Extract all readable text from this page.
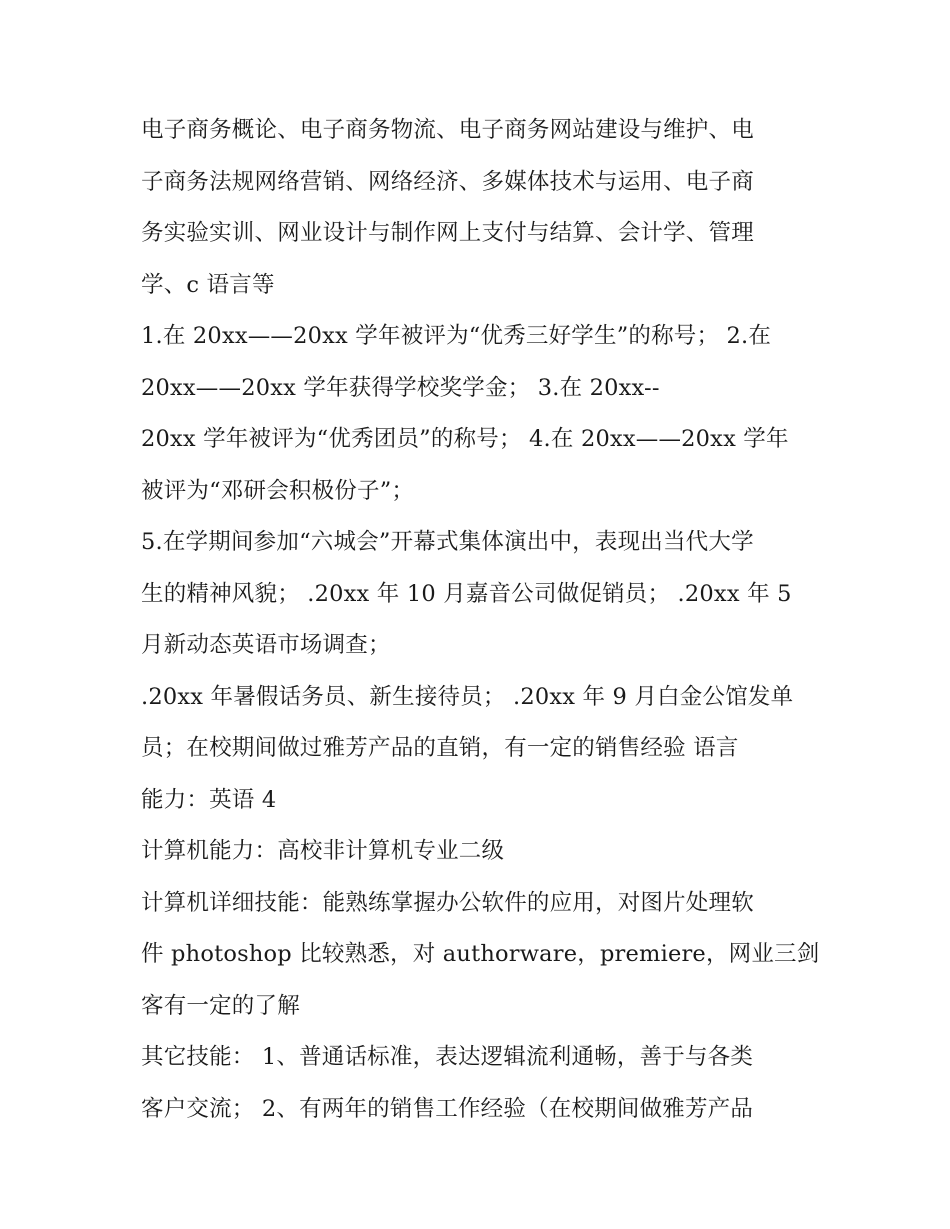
电子商务概论、电子商务物流、电子商务网站建设与维护、电
子商务法规网络营销、网络经济、多媒体技术与运用、电子商
务实验实训、网业设计与制作网上支付与结算、会计学、管理
学、c 语言等
1.在 20xx——20xx 学年被评为“优秀三好学生”的称号； 2.在
20xx——20xx 学年获得学校奖学金； 3.在 20xx--
20xx 学年被评为“优秀团员”的称号； 4.在 20xx——20xx 学年
被评为“邓研会积极份子”；
5.在学期间参加“六城会”开幕式集体演出中，表现出当代大学
生的精神风貌； .20xx 年 10 月嘉音公司做促销员； .20xx 年 5
月新动态英语市场调查；
.20xx 年暑假话务员、新生接待员； .20xx 年 9 月白金公馆发单
员；在校期间做过雅芳产品的直销，有一定的销售经验 语言
能力：英语 4
计算机能力：高校非计算机专业二级
计算机详细技能：能熟练掌握办公软件的应用，对图片处理软
件 photoshop 比较熟悉，对 authorware，premiere，网业三剑
客有一定的了解
其它技能： 1、普通话标准，表达逻辑流利通畅，善于与各类
客户交流； 2、有两年的销售工作经验（在校期间做雅芳产品
